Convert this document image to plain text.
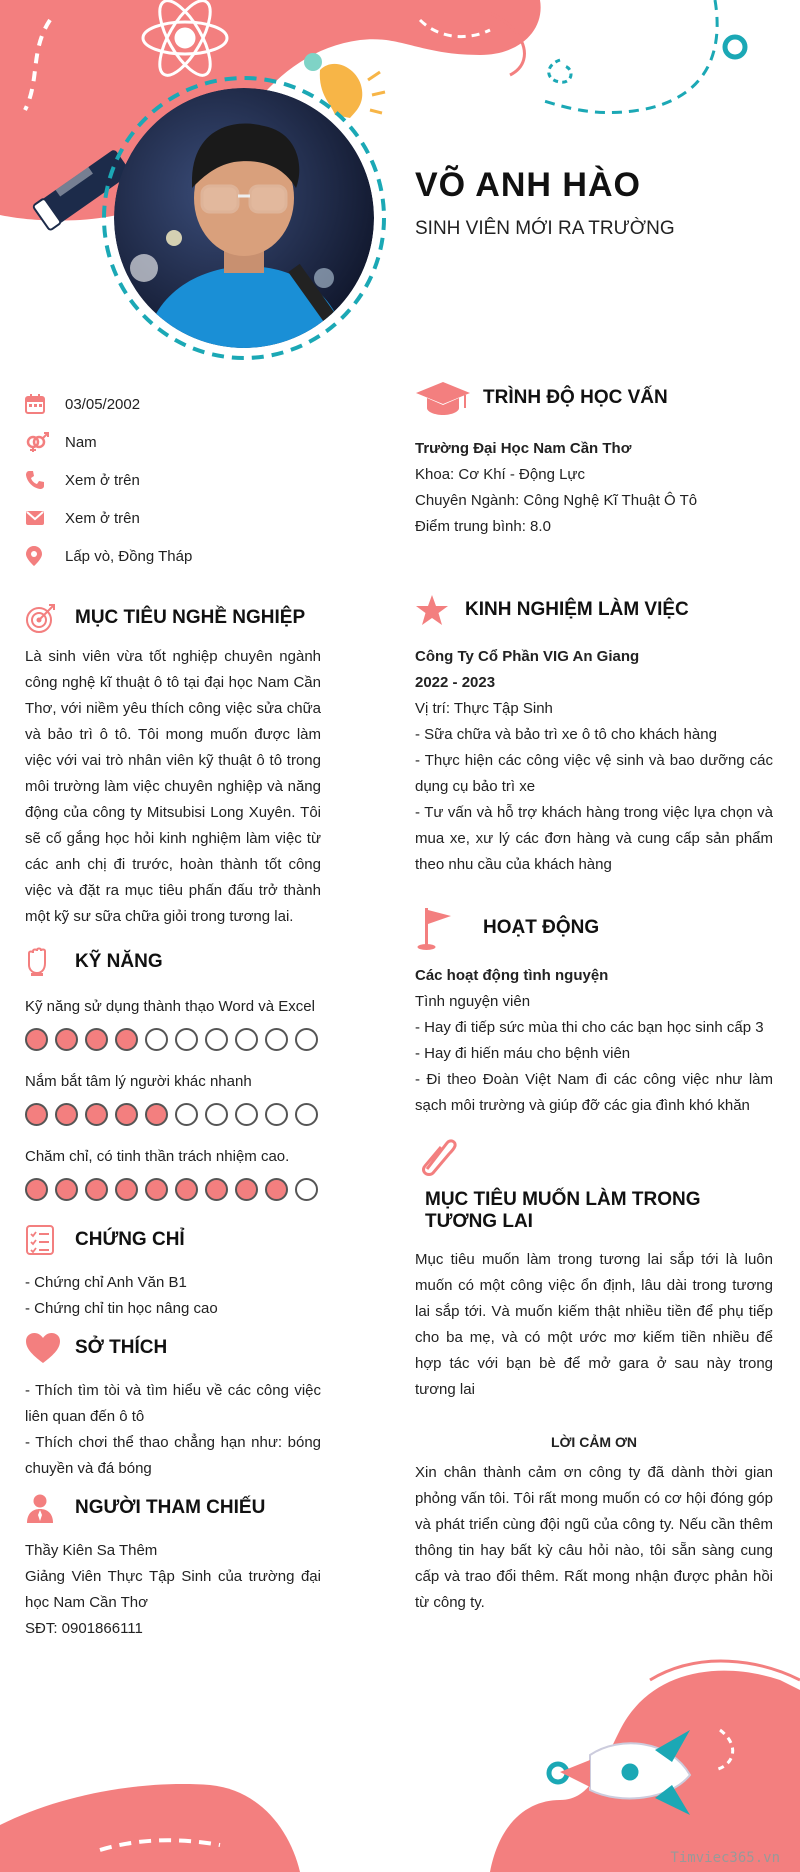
VÕ ANH HÀO
SINH VIÊN MỚI RA TRƯỜNG
03/05/2002
Nam
Xem ở trên
Xem ở trên
Lấp vò, Đồng Tháp
MỤC TIÊU NGHỀ NGHIỆP

Là sinh viên vừa tốt nghiệp chuyên ngành công nghệ kĩ thuật ô tô tại đại học Nam Cần Thơ, với niềm yêu thích công việc sửa chữa và bảo trì ô tô. Tôi mong muốn được làm việc với vai trò nhân viên kỹ thuật ô tô trong môi trường làm việc chuyên nghiệp và năng động của công ty Mitsubisi Long Xuyên. Tôi sẽ cố gắng học hỏi kinh nghiệm làm việc từ các anh chị đi trước, hoàn thành tốt công việc và đặt ra mục tiêu phấn đấu trở thành một kỹ sư sữa chữa giỏi trong tương lai.

KỸ NĂNG
Kỹ năng sử dụng thành thạo Word và Excel
Nắm bắt tâm lý người khác nhanh
Chăm chỉ, có tinh thần trách nhiệm cao.
CHỨNG CHỈ
- Chứng chỉ Anh Văn B1
- Chứng chỉ tin học nâng cao
SỞ THÍCH

- Thích tìm tòi và tìm hiểu về các công việc liên quan đến ô tô

- Thích chơi thể thao chẳng hạn như: bóng chuyền và đá bóng

NGƯỜI THAM CHIẾU
Thầy Kiên Sa Thêm

Giảng Viên Thực Tập Sinh của trường đại học Nam Cần Thơ

SĐT: 0901866111
TRÌNH ĐỘ HỌC VẤN
Trường Đại Học Nam Cần Thơ
Khoa: Cơ Khí - Động Lực
Chuyên Ngành: Công Nghệ Kĩ Thuật Ô Tô
Điểm trung bình: 8.0
KINH NGHIỆM LÀM VIỆC
Công Ty Cổ Phần VIG An Giang
2022 - 2023
Vị trí: Thực Tập Sinh

- Sữa chữa và bảo trì xe ô tô cho khách hàng

- Thực hiện các công việc vệ sinh và bao dưỡng các dụng cụ bảo trì xe

- Tư vấn và hỗ trợ khách hàng trong việc lựa chọn và mua xe, xư lý các đơn hàng và cung cấp sản phẩm theo nhu cầu của khách hàng

HOẠT ĐỘNG
Các hoạt động tình nguyện
Tình nguyện viên
- Hay đi tiếp sức mùa thi cho các bạn học sinh cấp 3
- Hay đi hiến máu cho bệnh viên

- Đi theo Đoàn Việt Nam đi các công việc như làm sạch môi trường và giúp đỡ các gia đình khó khăn

MỤC TIÊU MUỐN LÀM TRONG TƯƠNG LAI

Mục tiêu muốn làm trong tương lai sắp tới là luôn muốn có một công việc ổn định, lâu dài trong tương lai sắp tới. Và muốn kiếm thật nhiều tiền để phụ tiếp cho ba mẹ, và có một ước mơ kiếm tiền nhiều để hợp tác với bạn bè để mở gara ở sau này trong tương lai

LỜI CẢM ƠN

Xin chân thành cảm ơn công ty đã dành thời gian phỏng vấn tôi. Tôi rất mong muốn có cơ hội đóng góp và phát triển cùng đội ngũ của công ty. Nếu cần thêm thông tin hay bất kỳ câu hỏi nào, tôi sẵn sàng cung cấp và trao đổi thêm. Rất mong nhận được phản hồi từ công ty.

Timviec365.vn
